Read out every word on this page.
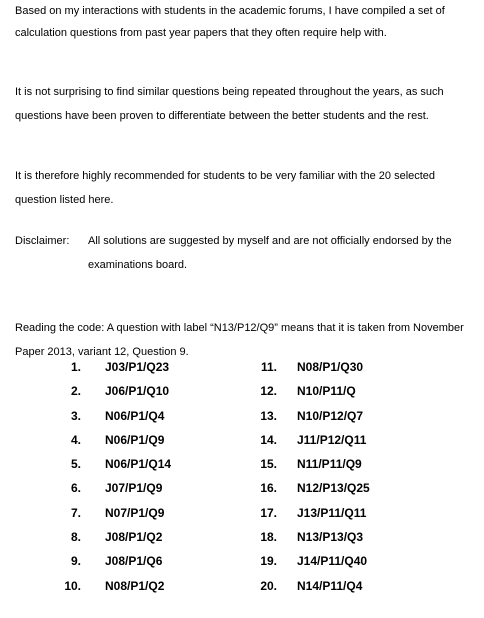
Based on my interactions with students in the academic forums, I have compiled a set of calculation questions from past year papers that they often require help with.

It is not surprising to find similar questions being repeated throughout the years, as such questions have been proven to differentiate between the better students and the rest.

It is therefore highly recommended for students to be very familiar with the 20 selected question listed here.

Disclaimer: All solutions are suggested by myself and are not officially endorsed by the examinations board.

Reading the code: A question with label “N13/P12/Q9” means that it is taken from November Paper 2013, variant 12, Question 9.

1. J03/P1/Q23
2. J06/P1/Q10
3. N06/P1/Q4
4. N06/P1/Q9
5. N06/P1/Q14
6. J07/P1/Q9
7. N07/P1/Q9
8. J08/P1/Q2
9. J08/P1/Q6
10. N08/P1/Q2
11. N08/P1/Q30
12. N10/P11/Q
13. N10/P12/Q7
14. J11/P12/Q11
15. N11/P11/Q9
16. N12/P13/Q25
17. J13/P11/Q11
18. N13/P13/Q3
19. J14/P11/Q40
20. N14/P11/Q4
